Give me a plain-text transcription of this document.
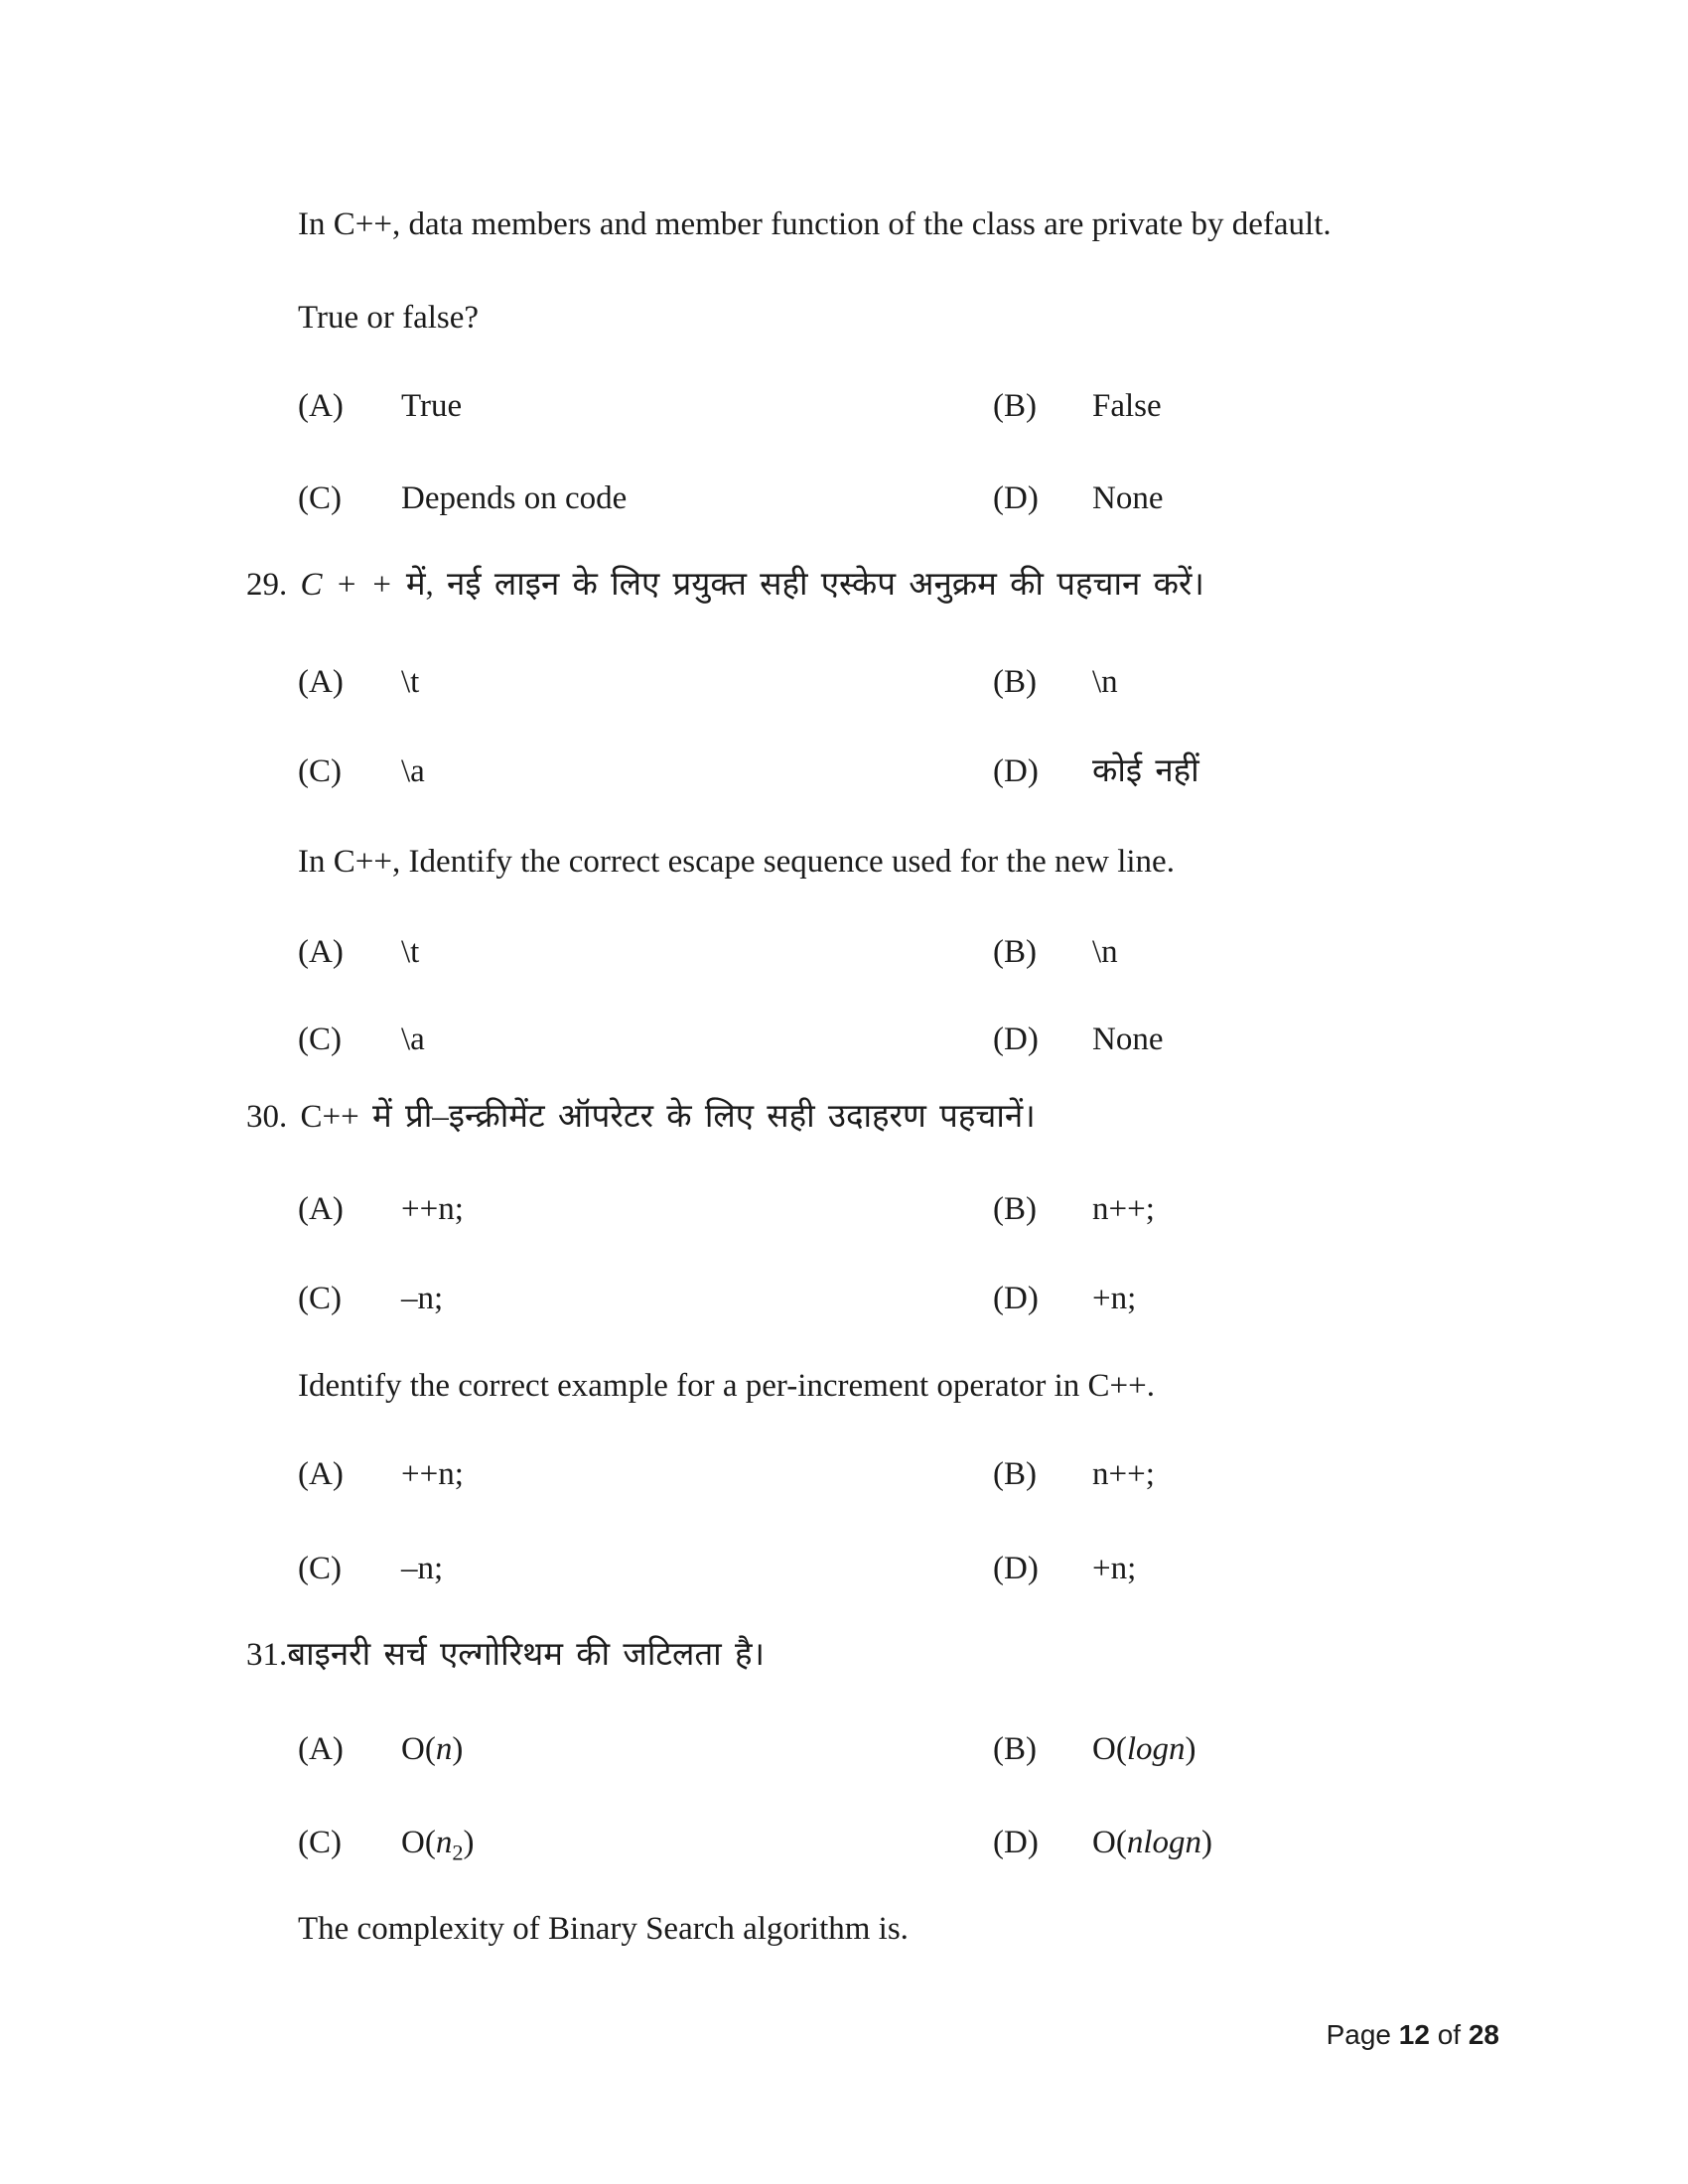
In C++, data members and member function of the class are private by default.
True or false?
(A) True	(B) False
(C) Depends on code	(D) None
29. C + + में, नई लाइन के लिए प्रयुक्त सही एस्केप अनुक्रम की पहचान करें।
(A) \t	(B) \n
(C) \a	(D) कोई नहीं
In C++, Identify the correct escape sequence used for the new line.
(A) \t	(B) \n
(C) \a	(D) None
30. C++ में प्री–इन्क्रीमेंट ऑपरेटर के लिए सही उदाहरण पहचानें।
(A) ++n;	(B) n++;
(C) –n;	(D) +n;
Identify the correct example for a per-increment operator in C++.
(A) ++n;	(B) n++;
(C) –n;	(D) +n;
31.बाइनरी सर्च एल्गोरिथम की जटिलता है।
(A) O(n)	(B) O(logn)
(C) $O(n_2)$	(D) O(nlogn)
The complexity of Binary Search algorithm is.
Page 12 of 28
